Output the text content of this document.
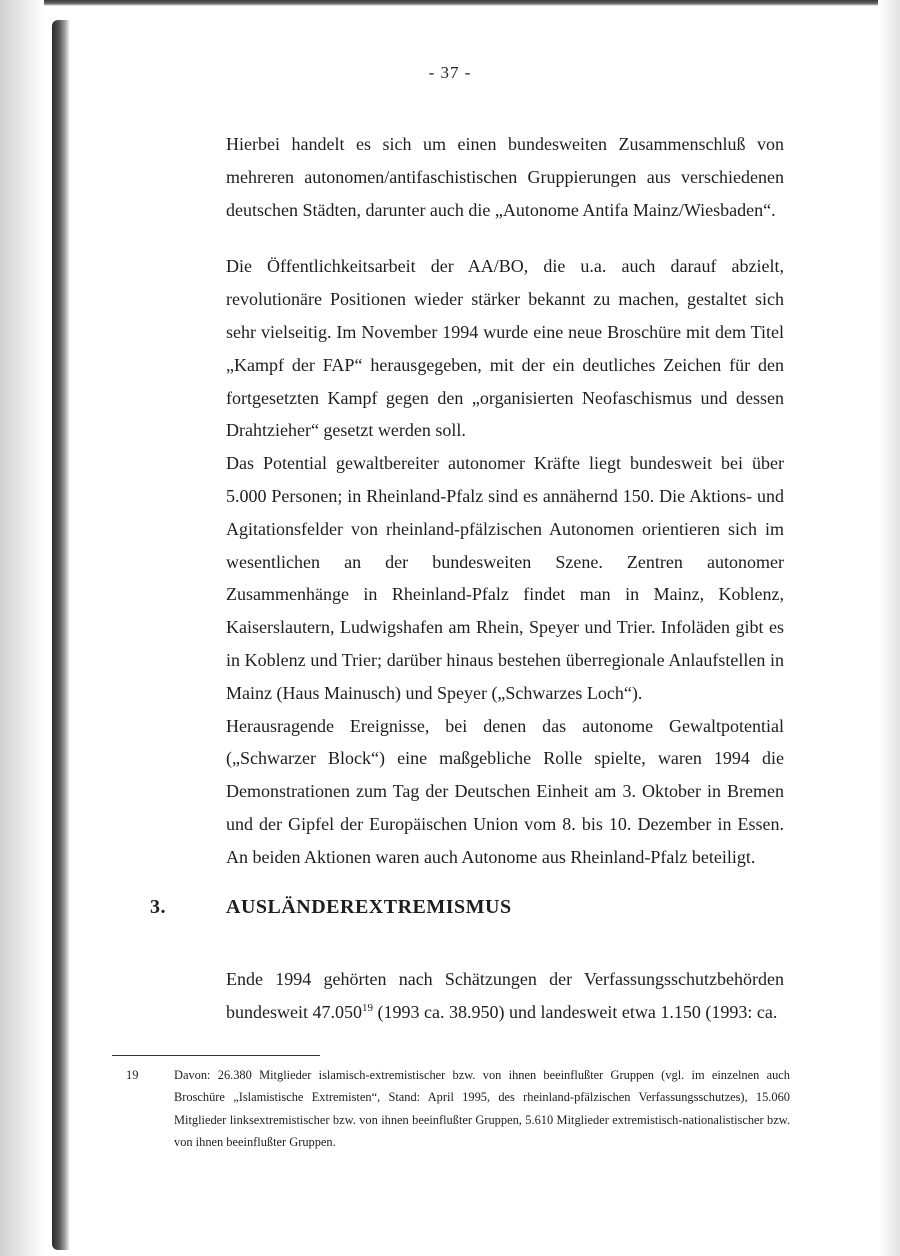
- 37 -

Hierbei handelt es sich um einen bundesweiten Zusammenschluß von mehreren autonomen/antifaschistischen Gruppierungen aus verschiedenen deutschen Städten, darunter auch die „Autonome Antifa Mainz/Wiesbaden“.

Die Öffentlichkeitsarbeit der AA/BO, die u.a. auch darauf abzielt, revolutionäre Positionen wieder stärker bekannt zu machen, gestaltet sich sehr vielseitig. Im November 1994 wurde eine neue Broschüre mit dem Titel „Kampf der FAP“ herausgegeben, mit der ein deutliches Zeichen für den fortgesetzten Kampf gegen den „organisierten Neofaschismus und dessen Drahtzieher“ gesetzt werden soll.

Das Potential gewaltbereiter autonomer Kräfte liegt bundesweit bei über 5.000 Personen; in Rheinland-Pfalz sind es annähernd 150. Die Aktions- und Agitationsfelder von rheinland-pfälzischen Autonomen orientieren sich im wesentlichen an der bundesweiten Szene. Zentren autonomer Zusammenhänge in Rheinland-Pfalz findet man in Mainz, Koblenz, Kaiserslautern, Ludwigshafen am Rhein, Speyer und Trier. Infoläden gibt es in Koblenz und Trier; darüber hinaus bestehen überregionale Anlaufstellen in Mainz (Haus Mainusch) und Speyer („Schwarzes Loch“).

Herausragende Ereignisse, bei denen das autonome Gewaltpotential („Schwarzer Block“) eine maßgebliche Rolle spielte, waren 1994 die Demonstrationen zum Tag der Deutschen Einheit am 3. Oktober in Bremen und der Gipfel der Europäischen Union vom 8. bis 10. Dezember in Essen. An beiden Aktionen waren auch Autonome aus Rheinland-Pfalz beteiligt.

3.	AUSLÄNDEREXTREMISMUS
Ende 1994 gehörten nach Schätzungen der Verfassungsschutzbehörden bundesweit 47.050$^{19}$ (1993 ca. 38.950) und landesweit etwa 1.150 (1993: ca.
19	Davon: 26.380 Mitglieder islamisch-extremistischer bzw. von ihnen beeinflußter Gruppen (vgl. im einzelnen auch Broschüre „Islamistische Extremisten“, Stand: April 1995, des rheinland-pfälzischen Verfassungsschutzes), 15.060 Mitglieder linksextremistischer bzw. von ihnen beeinflußter Gruppen, 5.610 Mitglieder extremistisch-nationalistischer bzw. von ihnen beeinflußter Gruppen.
